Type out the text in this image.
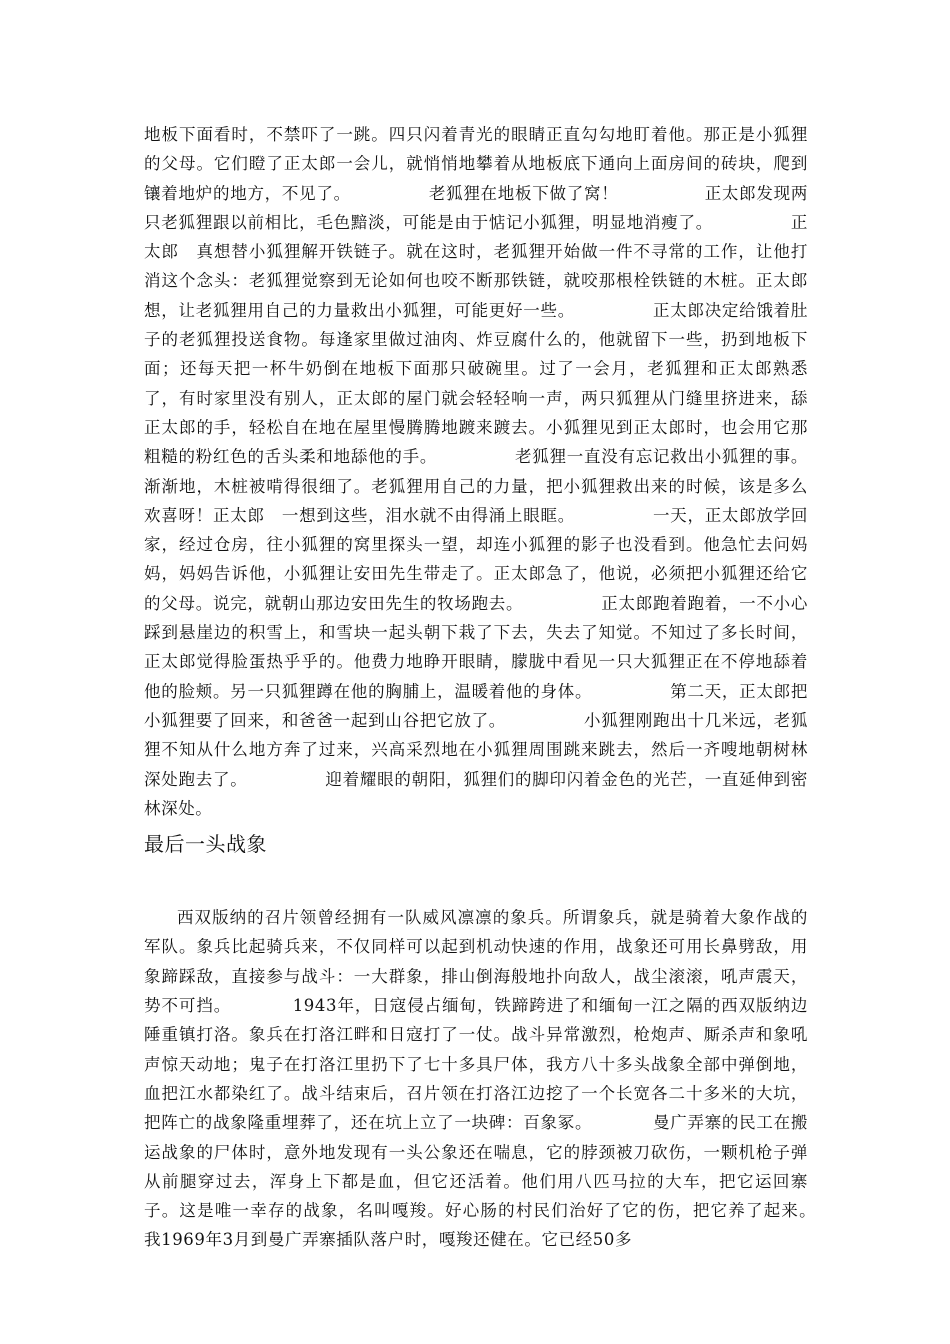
地板下面看时，不禁吓了一跳。四只闪着青光的眼睛正直勾勾地盯着他。那正是小狐狸的父母。它们瞪了正太郎一会儿，就悄悄地攀着从地板底下通向上面房间的砖块，爬到镶着地炉的地方，不见了。　　　　　老狐狸在地板下做了窝！　　　　　正太郎发现两只老狐狸跟以前相比，毛色黯淡，可能是由于惦记小狐狸，明显地消瘦了。　　　　　正太郎　真想替小狐狸解开铁链子。就在这时，老狐狸开始做一件不寻常的工作，让他打消这个念头：老狐狸觉察到无论如何也咬不断那铁链，就咬那根栓铁链的木桩。正太郎想，让老狐狸用自己的力量救出小狐狸，可能更好一些。　　　　　正太郎决定给饿着肚子的老狐狸投送食物。每逢家里做过油肉、炸豆腐什么的，他就留下一些，扔到地板下面；还每天把一杯牛奶倒在地板下面那只破碗里。过了一会月，老狐狸和正太郎熟悉了，有时家里没有别人，正太郎的屋门就会轻轻响一声，两只狐狸从门缝里挤进来，舔正太郎的手，轻松自在地在屋里慢腾腾地踱来踱去。小狐狸见到正太郎时，也会用它那粗糙的粉红色的舌头柔和地舔他的手。　　　　　老狐狸一直没有忘记救出小狐狸的事。渐渐地，木桩被啃得很细了。老狐狸用自己的力量，把小狐狸救出来的时候，该是多么欢喜呀！正太郎　一想到这些，泪水就不由得涌上眼眶。　　　　　一天，正太郎放学回家，经过仓房，往小狐狸的窝里探头一望，却连小狐狸的影子也没看到。他急忙去问妈妈，妈妈告诉他，小狐狸让安田先生带走了。正太郎急了，他说，必须把小狐狸还给它的父母。说完，就朝山那边安田先生的牧场跑去。　　　　　正太郎跑着跑着，一不小心踩到悬崖边的积雪上，和雪块一起头朝下栽了下去，失去了知觉。不知过了多长时间，正太郎觉得脸蛋热乎乎的。他费力地睁开眼睛，朦胧中看见一只大狐狸正在不停地舔着他的脸颊。另一只狐狸蹲在他的胸脯上，温暖着他的身体。　　　　　第二天，正太郎把小狐狸要了回来，和爸爸一起到山谷把它放了。　　　　　小狐狸刚跑出十几米远，老狐狸不知从什么地方奔了过来，兴高采烈地在小狐狸周围跳来跳去，然后一齐嗖地朝树林深处跑去了。　　　　　迎着耀眼的朝阳，狐狸们的脚印闪着金色的光芒，一直延伸到密林深处。

最后一头战象

西双版纳的召片领曾经拥有一队威风凛凛的象兵。所谓象兵，就是骑着大象作战的军队。象兵比起骑兵来，不仅同样可以起到机动快速的作用，战象还可用长鼻劈敌，用象蹄踩敌，直接参与战斗：一大群象，排山倒海般地扑向敌人，战尘滚滚，吼声震天，势不可挡。　　　　1943年，日寇侵占缅甸，铁蹄跨进了和缅甸一江之隔的西双版纳边陲重镇打洛。象兵在打洛江畔和日寇打了一仗。战斗异常激烈，枪炮声、厮杀声和象吼声惊天动地；鬼子在打洛江里扔下了七十多具尸体，我方八十多头战象全部中弹倒地，血把江水都染红了。战斗结束后，召片领在打洛江边挖了一个长宽各二十多米的大坑，把阵亡的战象隆重埋葬了，还在坑上立了一块碑：百象冢。　　　　曼广弄寨的民工在搬运战象的尸体时，意外地发现有一头公象还在喘息，它的脖颈被刀砍伤，一颗机枪子弹从前腿穿过去，浑身上下都是血，但它还活着。他们用八匹马拉的大车，把它运回寨子。这是唯一幸存的战象，名叫嘎羧。好心肠的村民们治好了它的伤，把它养了起来。　　　　我1969年3月到曼广弄寨插队落户时，嘎羧还健在。它已经50多
